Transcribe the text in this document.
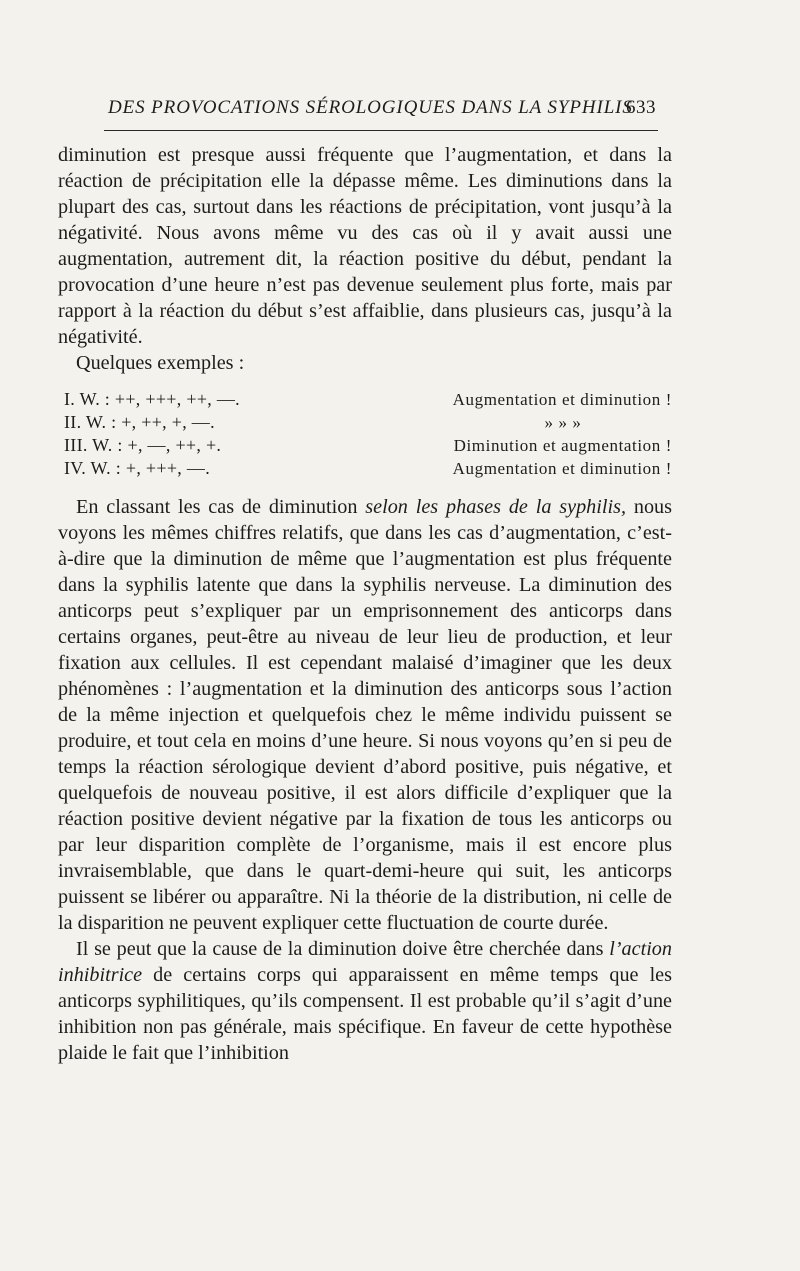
DES PROVOCATIONS SÉROLOGIQUES DANS LA SYPHILIS
633

diminution est presque aussi fréquente que l’augmentation, et dans la réaction de précipitation elle la dépasse même. Les diminutions dans la plupart des cas, surtout dans les réactions de précipitation, vont jusqu’à la négativité. Nous avons même vu des cas où il y avait aussi une augmentation, autrement dit, la réaction positive du début, pendant la provocation d’une heure n’est pas devenue seulement plus forte, mais par rapport à la réaction du début s’est affaiblie, dans plusieurs cas, jusqu’à la négativité.

Quelques exemples :

I. W. : ++, +++, ++, —.	Augmentation et diminution !
II. W. : +, ++, +, —.	» » »
III. W. : +, —, ++, +.	Diminution et augmentation !
IV. W. : +, +++, —.	Augmentation et diminution !

En classant les cas de diminution selon les phases de la syphilis, nous voyons les mêmes chiffres relatifs, que dans les cas d’augmentation, c’est-à-dire que la diminution de même que l’augmentation est plus fréquente dans la syphilis latente que dans la syphilis nerveuse. La diminution des anticorps peut s’expliquer par un emprisonnement des anticorps dans certains organes, peut-être au niveau de leur lieu de production, et leur fixation aux cellules. Il est cependant malaisé d’imaginer que les deux phénomènes : l’augmentation et la diminution des anticorps sous l’action de la même injection et quelquefois chez le même individu puissent se produire, et tout cela en moins d’une heure. Si nous voyons qu’en si peu de temps la réaction sérologique devient d’abord positive, puis négative, et quelquefois de nouveau positive, il est alors difficile d’expliquer que la réaction positive devient négative par la fixation de tous les anticorps ou par leur disparition complète de l’organisme, mais il est encore plus invraisemblable, que dans le quart-demi-heure qui suit, les anticorps puissent se libérer ou apparaître. Ni la théorie de la distribution, ni celle de la disparition ne peuvent expliquer cette fluctuation de courte durée.

Il se peut que la cause de la diminution doive être cherchée dans l’action inhibitrice de certains corps qui apparaissent en même temps que les anticorps syphilitiques, qu’ils compensent. Il est probable qu’il s’agit d’une inhibition non pas générale, mais spécifique. En faveur de cette hypothèse plaide le fait que l’inhibition
